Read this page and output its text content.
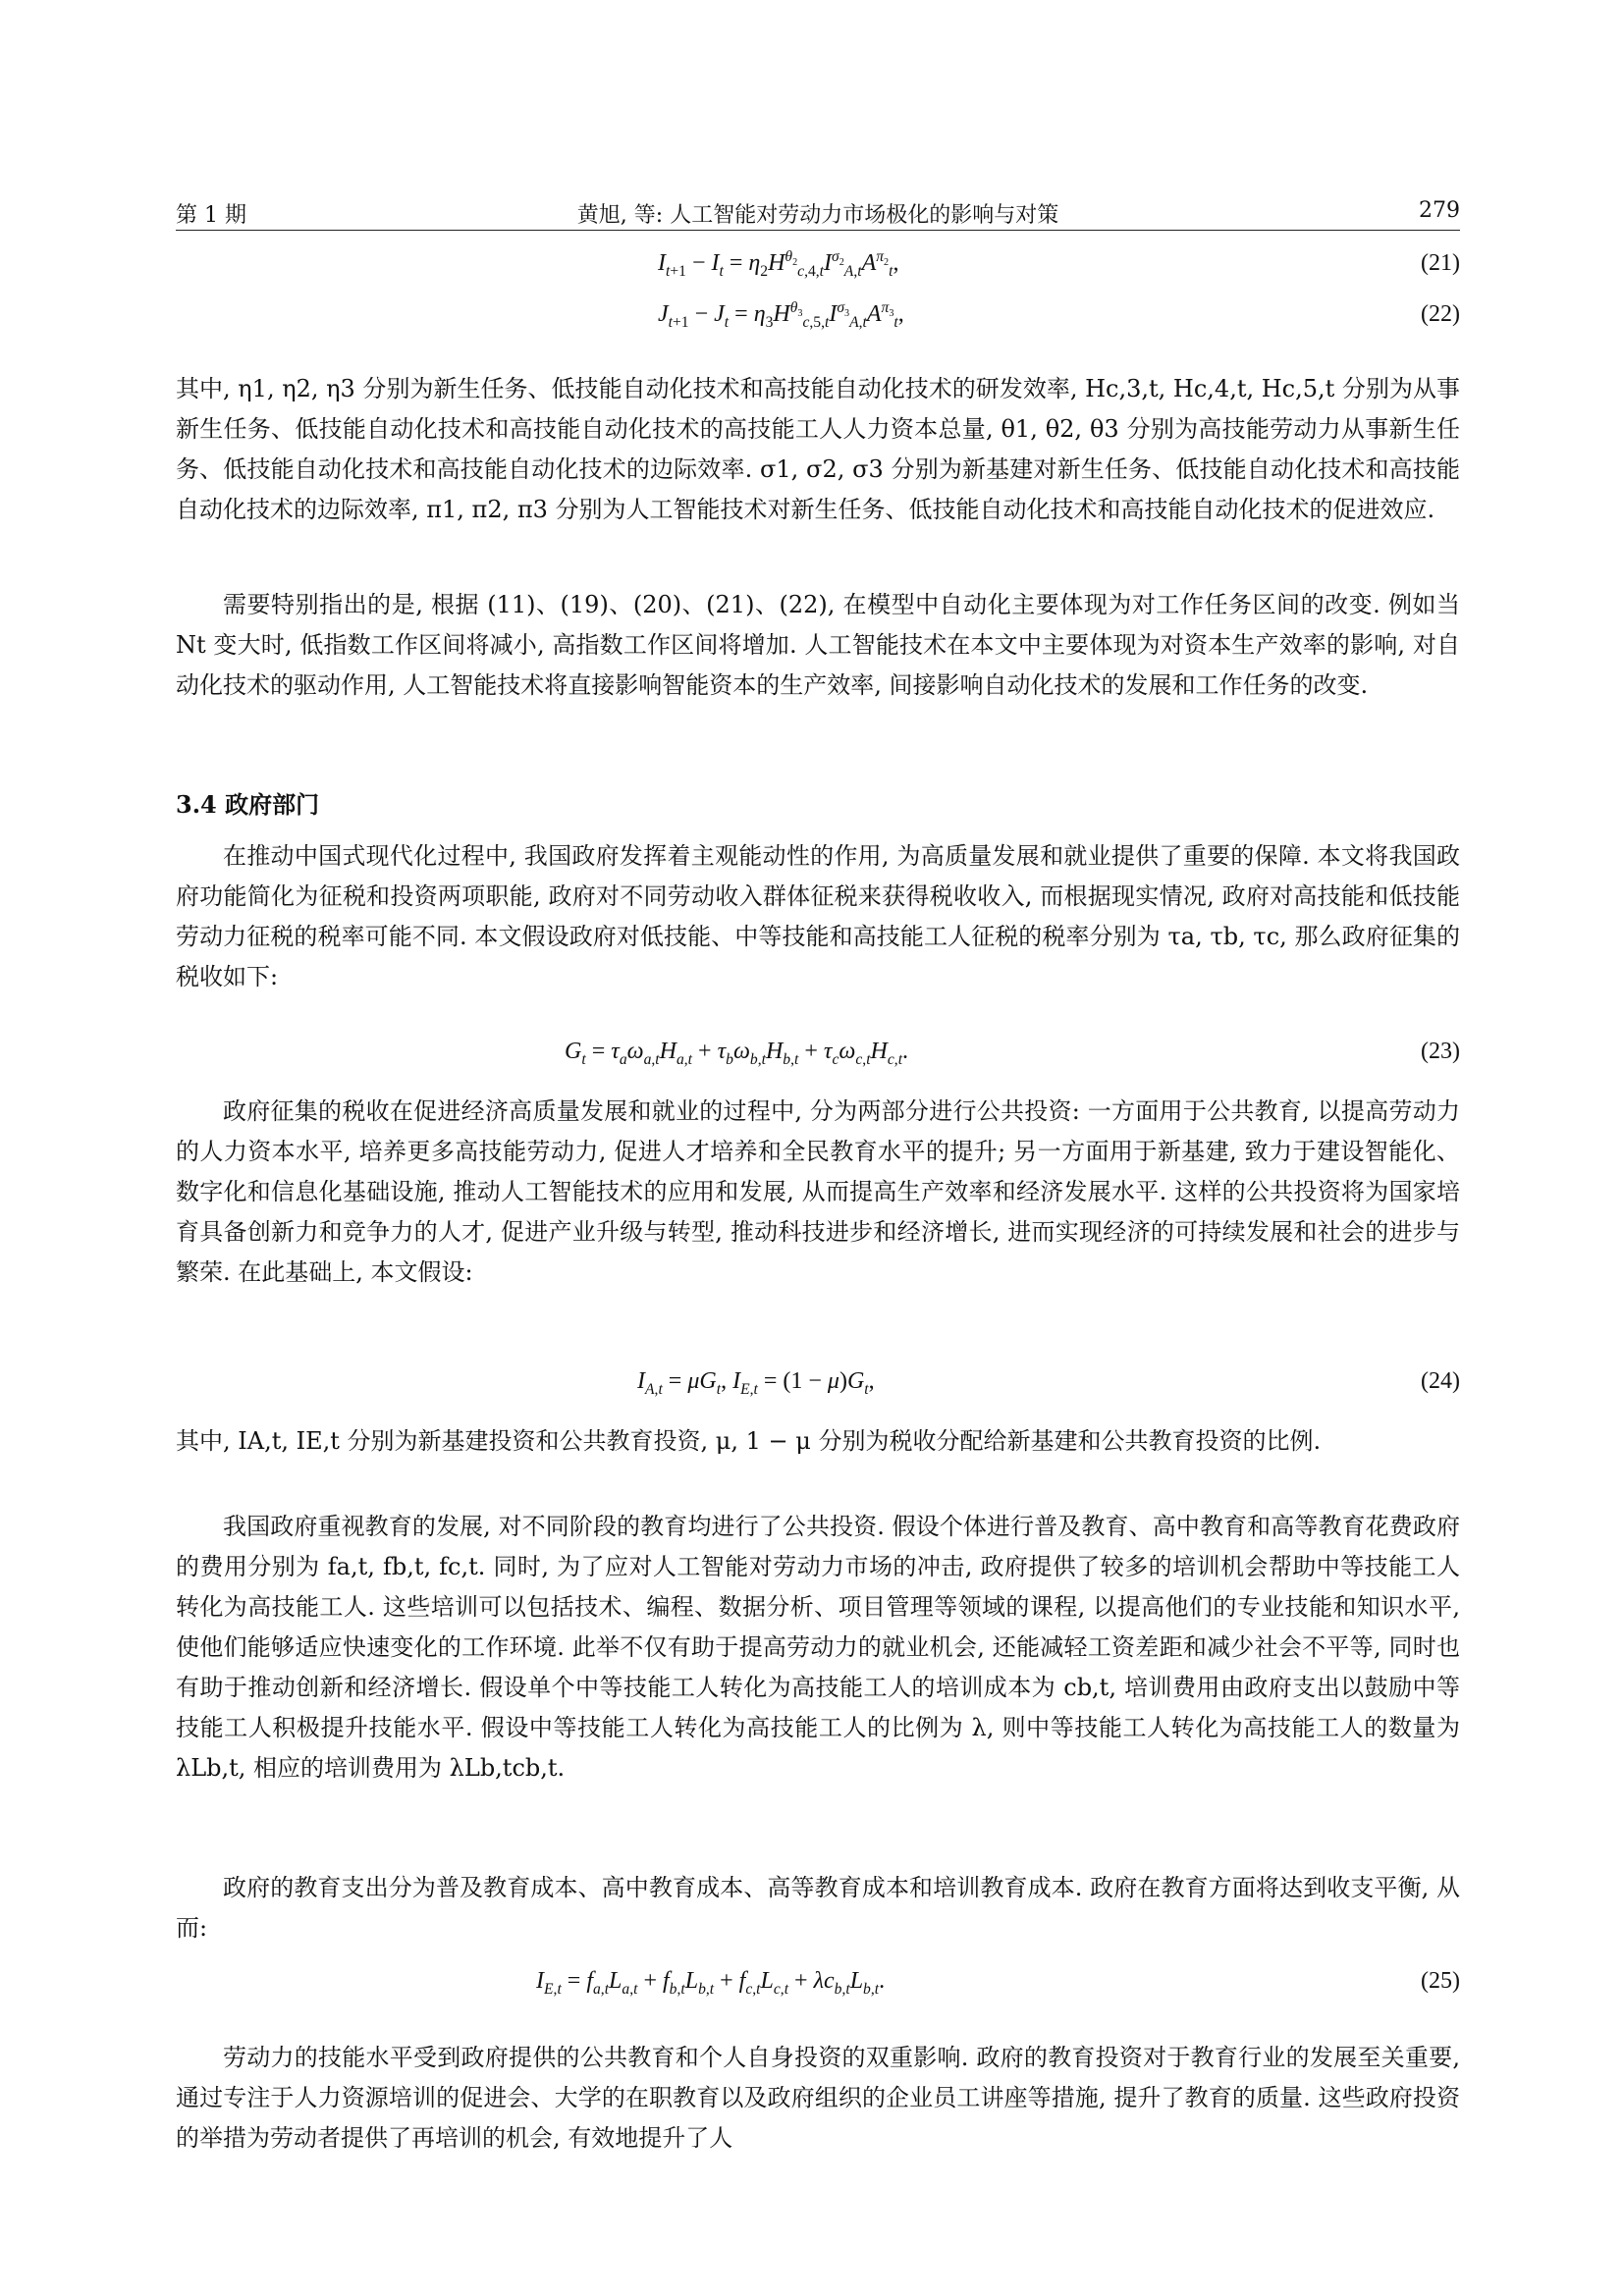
第 1 期	黄旭, 等: 人工智能对劳动力市场极化的影响与对策	279
$I_{t+1} - I_t = \eta_2H^{\theta_2}_{c,4,t}I^{\sigma_2}_{A,t}A^{\pi_2}_t$,	(21)
$J_{t+1} - J_t = \eta_3H^{\theta_3}_{c,5,t}I^{\sigma_3}_{A,t}A^{\pi_3}_t$,	(22)
其中, η1, η2, η3 分别为新生任务、低技能自动化技术和高技能自动化技术的研发效率, Hc,3,t, Hc,4,t, Hc,5,t 分别为从事新生任务、低技能自动化技术和高技能自动化技术的高技能工人人力资本总量, θ1, θ2, θ3 分别为高技能劳动力从事新生任务、低技能自动化技术和高技能自动化技术的边际效率. σ1, σ2, σ3 分别为新基建对新生任务、低技能自动化技术和高技能自动化技术的边际效率, π1, π2, π3 分别为人工智能技术对新生任务、低技能自动化技术和高技能自动化技术的促进效应.
需要特别指出的是, 根据 (11)、(19)、(20)、(21)、(22), 在模型中自动化主要体现为对工作任务区间的改变. 例如当 Nt 变大时, 低指数工作区间将减小, 高指数工作区间将增加. 人工智能技术在本文中主要体现为对资本生产效率的影响, 对自动化技术的驱动作用, 人工智能技术将直接影响智能资本的生产效率, 间接影响自动化技术的发展和工作任务的改变.
3.4 政府部门
在推动中国式现代化过程中, 我国政府发挥着主观能动性的作用, 为高质量发展和就业提供了重要的保障. 本文将我国政府功能简化为征税和投资两项职能, 政府对不同劳动收入群体征税来获得税收收入, 而根据现实情况, 政府对高技能和低技能劳动力征税的税率可能不同. 本文假设政府对低技能、中等技能和高技能工人征税的税率分别为 τa, τb, τc, 那么政府征集的税收如下:
$G_t = \tau_a\omega_{a,t}H_{a,t} + \tau_b\omega_{b,t}H_{b,t} + \tau_c\omega_{c,t}H_{c,t}$.	(23)
政府征集的税收在促进经济高质量发展和就业的过程中, 分为两部分进行公共投资: 一方面用于公共教育, 以提高劳动力的人力资本水平, 培养更多高技能劳动力, 促进人才培养和全民教育水平的提升; 另一方面用于新基建, 致力于建设智能化、数字化和信息化基础设施, 推动人工智能技术的应用和发展, 从而提高生产效率和经济发展水平. 这样的公共投资将为国家培育具备创新力和竞争力的人才, 促进产业升级与转型, 推动科技进步和经济增长, 进而实现经济的可持续发展和社会的进步与繁荣. 在此基础上, 本文假设:
$I_{A,t} = \mu G_t$, $I_{E,t} = (1 - \mu)G_t$,	(24)
其中, IA,t, IE,t 分别为新基建投资和公共教育投资, μ, 1 − μ 分别为税收分配给新基建和公共教育投资的比例.
我国政府重视教育的发展, 对不同阶段的教育均进行了公共投资. 假设个体进行普及教育、高中教育和高等教育花费政府的费用分别为 fa,t, fb,t, fc,t. 同时, 为了应对人工智能对劳动力市场的冲击, 政府提供了较多的培训机会帮助中等技能工人转化为高技能工人. 这些培训可以包括技术、编程、数据分析、项目管理等领域的课程, 以提高他们的专业技能和知识水平, 使他们能够适应快速变化的工作环境. 此举不仅有助于提高劳动力的就业机会, 还能减轻工资差距和减少社会不平等, 同时也有助于推动创新和经济增长. 假设单个中等技能工人转化为高技能工人的培训成本为 cb,t, 培训费用由政府支出以鼓励中等技能工人积极提升技能水平. 假设中等技能工人转化为高技能工人的比例为 λ, 则中等技能工人转化为高技能工人的数量为 λLb,t, 相应的培训费用为 λLb,tcb,t.
政府的教育支出分为普及教育成本、高中教育成本、高等教育成本和培训教育成本. 政府在教育方面将达到收支平衡, 从而:
$I_{E,t} = f_{a,t}L_{a,t} + f_{b,t}L_{b,t} + f_{c,t}L_{c,t} + \lambda c_{b,t}L_{b,t}$.	(25)
劳动力的技能水平受到政府提供的公共教育和个人自身投资的双重影响. 政府的教育投资对于教育行业的发展至关重要, 通过专注于人力资源培训的促进会、大学的在职教育以及政府组织的企业员工讲座等措施, 提升了教育的质量. 这些政府投资的举措为劳动者提供了再培训的机会, 有效地提升了人
